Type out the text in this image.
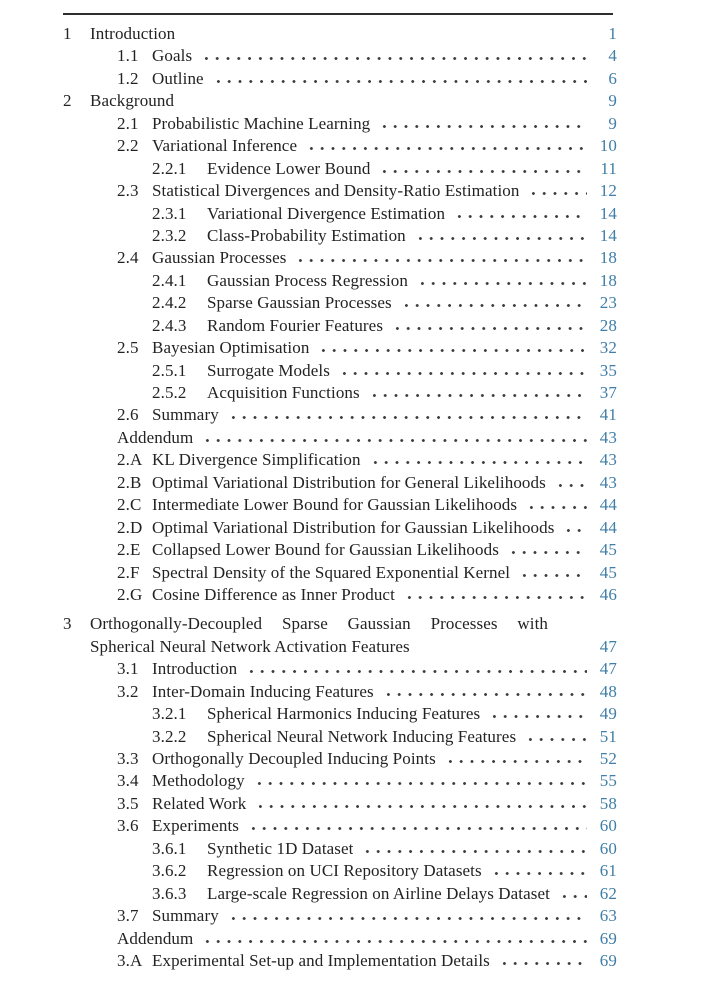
1	Introduction	1
1.1 Goals	4
1.2 Outline	6
2	Background	9
2.1 Probabilistic Machine Learning	9
2.2 Variational Inference	10
2.2.1	Evidence Lower Bound	11
2.3 Statistical Divergences and Density-Ratio Estimation	12
2.3.1	Variational Divergence Estimation	14
2.3.2	Class-Probability Estimation	14
2.4 Gaussian Processes	18
2.4.1	Gaussian Process Regression	18
2.4.2	Sparse Gaussian Processes	23
2.4.3	Random Fourier Features	28
2.5 Bayesian Optimisation	32
2.5.1	Surrogate Models	35
2.5.2	Acquisition Functions	37
2.6 Summary	41
Addendum	43
2.A KL Divergence Simplification	43
2.B Optimal Variational Distribution for General Likelihoods	43
2.C Intermediate Lower Bound for Gaussian Likelihoods	44
2.D Optimal Variational Distribution for Gaussian Likelihoods	44
2.E Collapsed Lower Bound for Gaussian Likelihoods	45
2.F Spectral Density of the Squared Exponential Kernel	45
2.G Cosine Difference as Inner Product	46
3	Orthogonally-Decoupled Sparse Gaussian Processes with
Spherical Neural Network Activation Features	47
3.1 Introduction	47
3.2 Inter-Domain Inducing Features	48
3.2.1	Spherical Harmonics Inducing Features	49
3.2.2	Spherical Neural Network Inducing Features	51
3.3 Orthogonally Decoupled Inducing Points	52
3.4 Methodology	55
3.5 Related Work	58
3.6 Experiments	60
3.6.1	Synthetic 1D Dataset	60
3.6.2	Regression on UCI Repository Datasets	61
3.6.3	Large-scale Regression on Airline Delays Dataset	62
3.7 Summary	63
Addendum	69
3.A Experimental Set-up and Implementation Details	69
